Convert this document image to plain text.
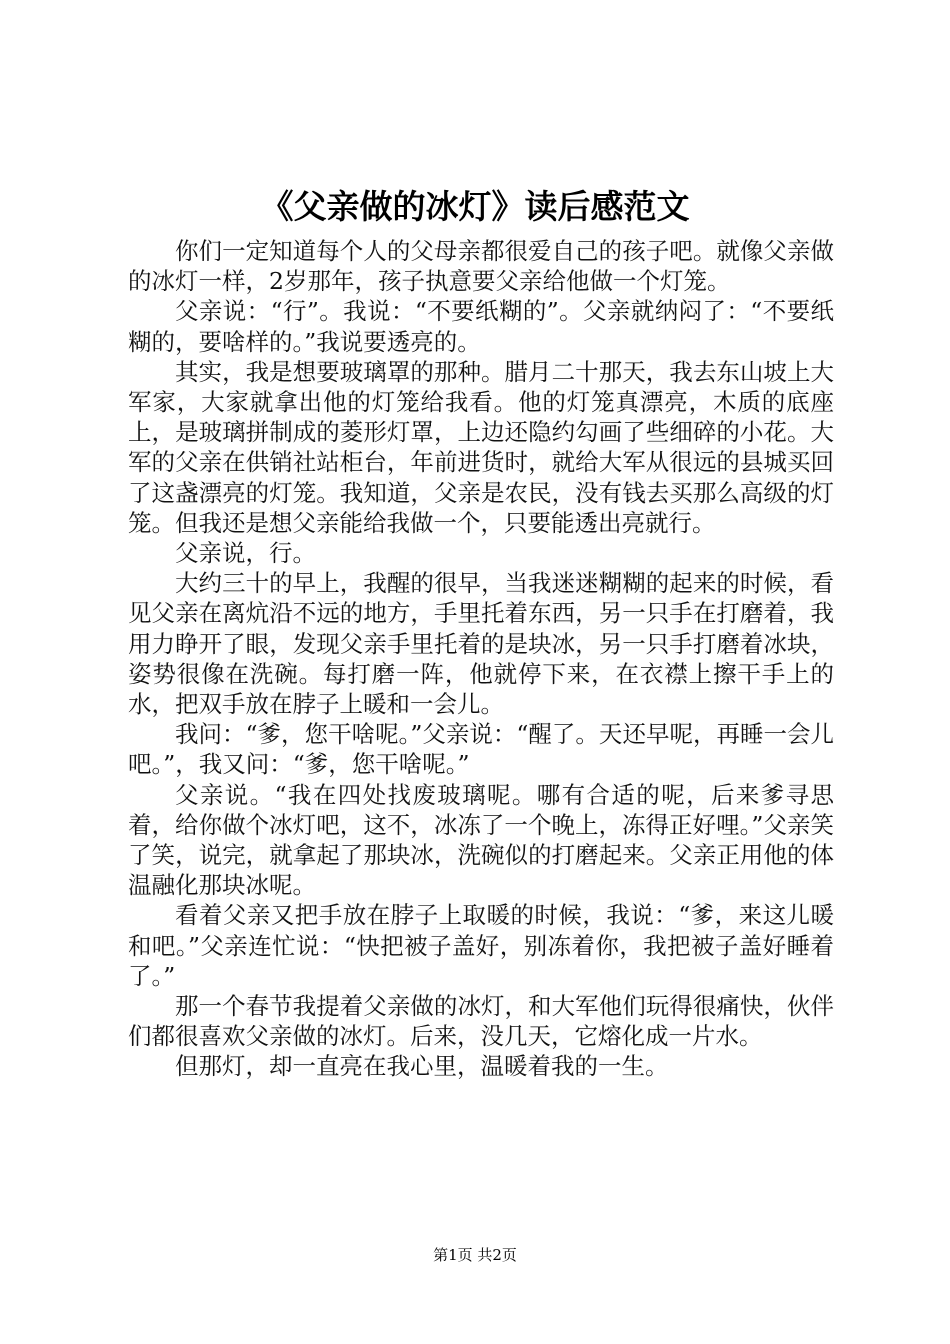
《父亲做的冰灯》读后感范文

你们一定知道每个人的父母亲都很爱自己的孩子吧。就像父亲做的冰灯一样，2岁那年，孩子执意要父亲给他做一个灯笼。

父亲说：“行”。我说：“不要纸糊的”。父亲就纳闷了：“不要纸糊的，要啥样的。”我说要透亮的。

其实，我是想要玻璃罩的那种。腊月二十那天，我去东山坡上大军家，大家就拿出他的灯笼给我看。他的灯笼真漂亮，木质的底座上，是玻璃拼制成的菱形灯罩，上边还隐约勾画了些细碎的小花。大军的父亲在供销社站柜台，年前进货时，就给大军从很远的县城买回了这盏漂亮的灯笼。我知道，父亲是农民，没有钱去买那么高级的灯笼。但我还是想父亲能给我做一个，只要能透出亮就行。

父亲说，行。

大约三十的早上，我醒的很早，当我迷迷糊糊的起来的时候，看见父亲在离炕沿不远的地方，手里托着东西，另一只手在打磨着，我用力睁开了眼，发现父亲手里托着的是块冰，另一只手打磨着冰块，姿势很像在洗碗。每打磨一阵，他就停下来，在衣襟上擦干手上的水，把双手放在脖子上暖和一会儿。

我问：“爹，您干啥呢。”父亲说：“醒了。天还早呢，再睡一会儿吧。”，我又问：“爹，您干啥呢。”

父亲说。“我在四处找废玻璃呢。哪有合适的呢，后来爹寻思着，给你做个冰灯吧，这不，冰冻了一个晚上，冻得正好哩。”父亲笑了笑，说完，就拿起了那块冰，洗碗似的打磨起来。父亲正用他的体温融化那块冰呢。

看着父亲又把手放在脖子上取暖的时候，我说：“爹，来这儿暖和吧。”父亲连忙说：“快把被子盖好，别冻着你，我把被子盖好睡着了。”

那一个春节我提着父亲做的冰灯，和大军他们玩得很痛快，伙伴们都很喜欢父亲做的冰灯。后来，没几天，它熔化成一片水。

但那灯，却一直亮在我心里，温暖着我的一生。

第1页 共2页
